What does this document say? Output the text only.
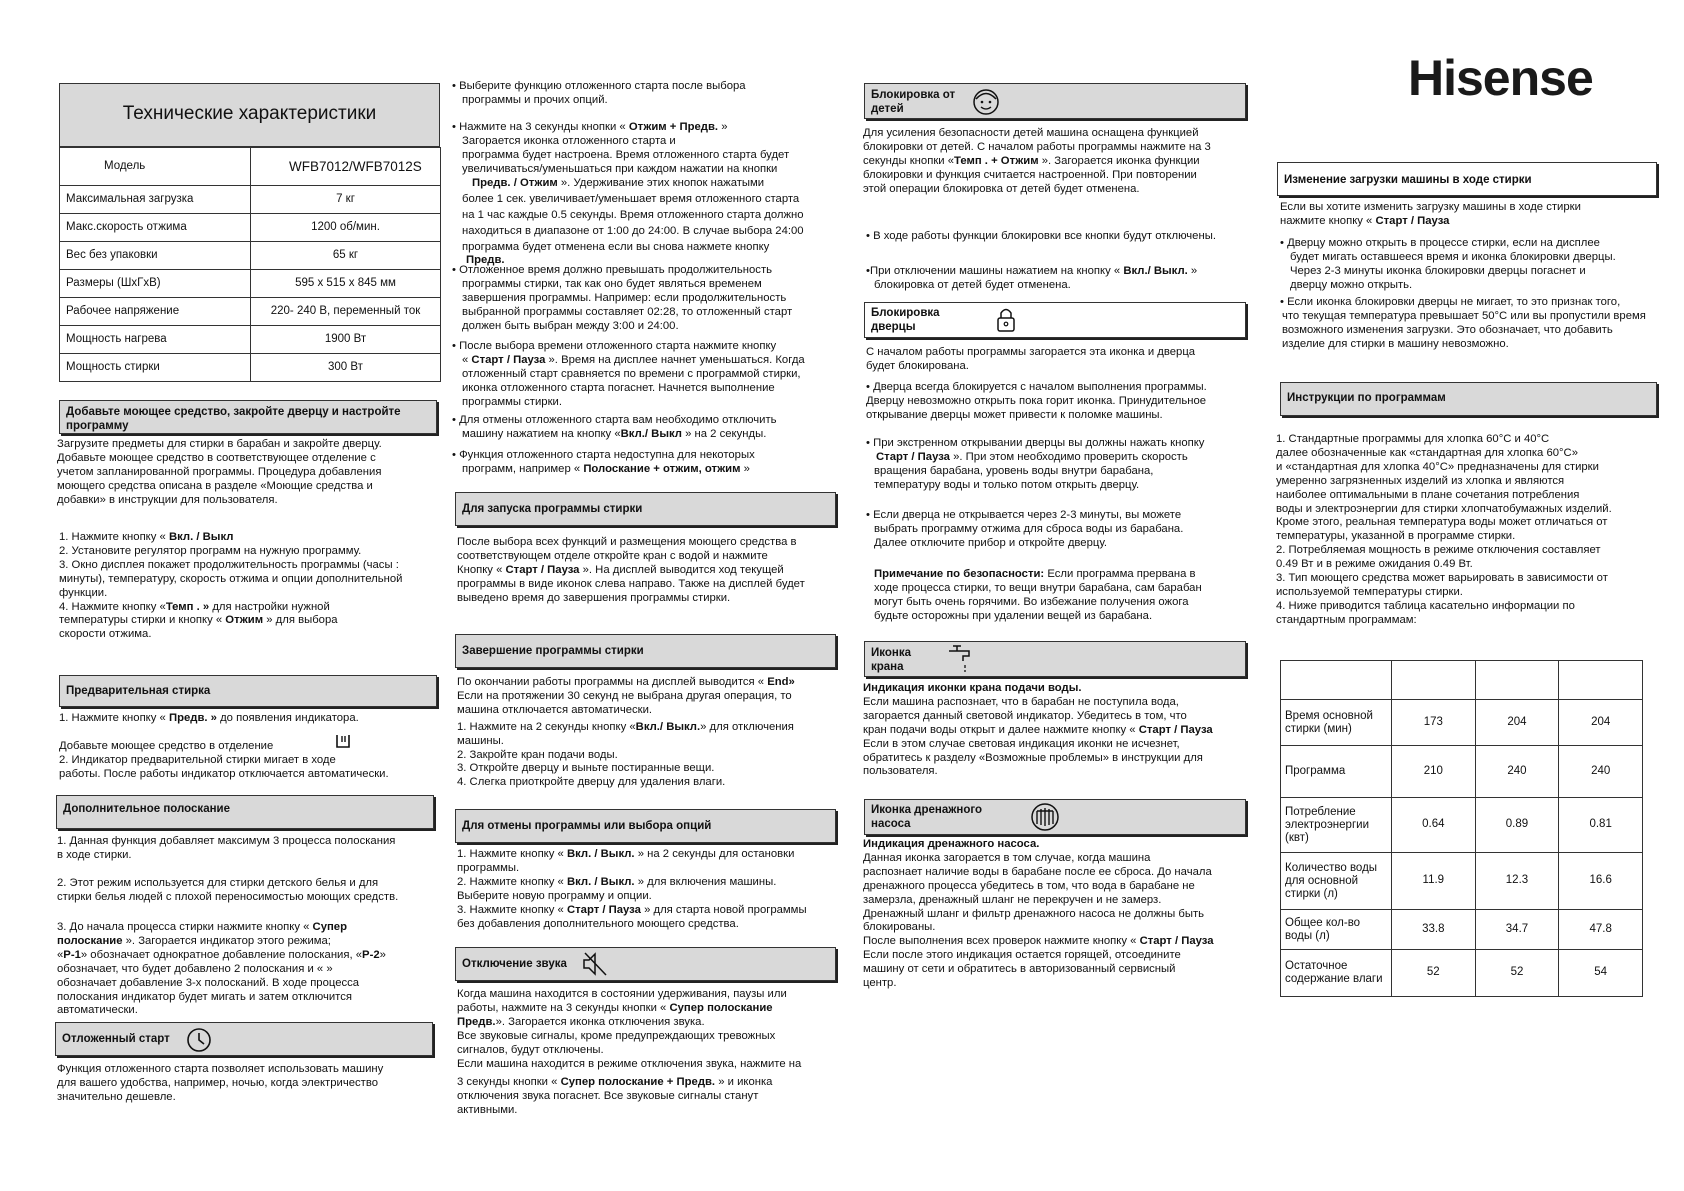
Hisense
Технические характеристики
Модель	WFB7012/WFB7012S
Максимальная загрузка	7 кг
Макс.скорость отжима	1200 об/мин.
Вес без упаковки	65 кг
Размеры (ШхГхВ)	595 x 515 x 845 мм
Рабочее напряжение	220- 240 В, переменный ток
Мощность нагрева	1900 Вт
Мощность стирки	300 Вт
Добавьте моющее средство, закройте дверцу и настройте программу
Загрузите предметы для стирки в барабан и закройте дверцу.
Добавьте моющее средство в соответствующее отделение с
учетом запланированной программы. Процедура добавления
моющего средства описана в разделе «Моющие средства и
добавки» в инструкции для пользователя.
1. Нажмите кнопку « Вкл. / Выкл
2. Установите регулятор программ на нужную программу.
3. Окно дисплея покажет продолжительность программы (часы :
минуты), температуру, скорость отжима и опции дополнительной
функции.
4. Нажмите кнопку «Темп . » для настройки нужной
температуры стирки и кнопку « Отжим » для выбора
скорости отжима.
Предварительная стирка
1. Нажмите кнопку « Предв. » до появления индикатора.
Добавьте моющее средство в отделение
2. Индикатор предварительной стирки мигает в ходе
работы. После работы индикатор отключается автоматически.
Дополнительное полоскание
1. Данная функция добавляет максимум 3 процесса полоскания
в ходе стирки.
2. Этот режим используется для стирки детского белья и для
стирки белья людей с плохой переносимостью моющих средств.
3. До начала процесса стирки нажмите кнопку « Супер
полоскание ». Загорается индикатор этого режима;
«P-1» обозначает однократное добавление полоскания, «P-2»
обозначает, что будет добавлено 2 полоскания и « »
обозначает добавление 3-х полосканий. В ходе процесса
полоскания индикатор будет мигать и затем отключится
автоматически.
Отложенный старт
Функция отложенного старта позволяет использовать машину
для вашего удобства, например, ночью, когда электричество
значительно дешевле.
• Выберите функцию отложенного старта после выбора
программы и прочих опций.
• Нажмите на 3 секунды кнопки « Отжим + Предв. »
Загорается иконка отложенного старта и
программа будет настроена. Время отложенного старта будет
увеличиваться/уменьшаться при каждом нажатии на кнопки
Предв. / Отжим ». Удерживание этих кнопок нажатыми
более 1 сек. увеличивает/уменьшает время отложенного старта
на 1 час каждые 0.5 секунды. Время отложенного старта должно
находиться в диапазоне от 1:00 до 24:00. В случае выбора 24:00
программа будет отменена если вы снова нажмете кнопку
Предв.
• Отложенное время должно превышать продолжительность
программы стирки, так как оно будет являться временем
завершения программы. Например: если продолжительность
выбранной программы составляет 02:28, то отложенный старт
должен быть выбран между 3:00 и 24:00.
• После выбора времени отложенного старта нажмите кнопку
« Старт / Пауза ». Время на дисплее начнет уменьшаться. Когда
отложенный старт сравняется по времени с программой стирки,
иконка отложенного старта погаснет. Начнется выполнение
программы стирки.
• Для отмены отложенного старта вам необходимо отключить
машину нажатием на кнопку «Вкл./ Выкл » на 2 секунды.
• Функция отложенного старта недоступна для некоторых
программ, например « Полоскание + отжим, отжим »
Для запуска программы стирки
После выбора всех функций и размещения моющего средства в
соответствующем отделе откройте кран с водой и нажмите
Кнопку « Старт / Пауза ». На дисплей выводится ход текущей
программы в виде иконок слева направо. Также на дисплей будет
выведено время до завершения программы стирки.
Завершение программы стирки
По окончании работы программы на дисплей выводится « End»
Если на протяжении 30 секунд не выбрана другая операция, то
машина отключается автоматически.
1. Нажмите на 2 секунды кнопку «Вкл./ Выкл.» для отключения
машины.
2. Закройте кран подачи воды.
3. Откройте дверцу и выньте постиранные вещи.
4. Слегка приоткройте дверцу для удаления влаги.
Для отмены программы или выбора опций
1. Нажмите кнопку « Вкл. / Выкл. » на 2 секунды для остановки
программы.
2. Нажмите кнопку « Вкл. / Выкл. » для включения машины.
Выберите новую программу и опции.
3. Нажмите кнопку « Старт / Пауза » для старта новой программы
без добавления дополнительного моющего средства.
Отключение звука
Когда машина находится в состоянии удерживания, паузы или
работы, нажмите на 3 секунды кнопки « Супер полоскание
Предв.». Загорается иконка отключения звука.
Все звуковые сигналы, кроме предупреждающих тревожных
сигналов, будут отключены.
Если машина находится в режиме отключения звука, нажмите на
3 секунды кнопки « Супер полоскание + Предв. » и иконка
отключения звука погаснет. Все звуковые сигналы станут
активными.
Блокировка от детей
Для усиления безопасности детей машина оснащена функцией
блокировки от детей. С началом работы программы нажмите на 3
секунды кнопки «Темп . + Отжим ». Загорается иконка функции
блокировки и функция считается настроенной. При повторении
этой операции блокировка от детей будет отменена.
• В ходе работы функции блокировки все кнопки будут отключены.
•При отключении машины нажатием на кнопку « Вкл./ Выкл. »
блокировка от детей будет отменена.
Блокировка дверцы
С началом работы программы загорается эта иконка и дверца
будет блокирована.
• Дверца всегда блокируется с началом выполнения программы.
Дверцу невозможно открыть пока горит иконка. Принудительное
открывание дверцы может привести к поломке машины.
• При экстренном открывании дверцы вы должны нажать кнопку
Старт / Пауза ». При этом необходимо проверить скорость
вращения барабана, уровень воды внутри барабана,
температуру воды и только потом открыть дверцу.
• Если дверца не открывается через 2-3 минуты, вы можете
выбрать программу отжима для сброса воды из барабана.
Далее отключите прибор и откройте дверцу.
Примечание по безопасности: Если программа прервана в
ходе процесса стирки, то вещи внутри барабана, сам барабан
могут быть очень горячими. Во избежание получения ожога
будьте осторожны при удалении вещей из барабана.
Иконка крана
Индикация иконки крана подачи воды.
Если машина распознает, что в барабан не поступила вода,
загорается данный световой индикатор. Убедитесь в том, что
кран подачи воды открыт и далее нажмите кнопку « Старт / Пауза
Если в этом случае световая индикация иконки не исчезнет,
обратитесь к разделу «Возможные проблемы» в инструкции для
пользователя.
Иконка дренажного насоса
Индикация дренажного насоса.
Данная иконка загорается в том случае, когда машина
распознает наличие воды в барабане после ее сброса. До начала
дренажного процесса убедитесь в том, что вода в барабане не
замерзла, дренажный шланг не перекручен и не замерз.
Дренажный шланг и фильтр дренажного насоса не должны быть
блокированы.
После выполнения всех проверок нажмите кнопку « Старт / Пауза
Если после этого индикация остается горящей, отсоедините
машину от сети и обратитесь в авторизованный сервисный
центр.
Изменение загрузки машины в ходе стирки
Если вы хотите изменить загрузку машины в ходе стирки
нажмите кнопку « Старт / Пауза
• Дверцу можно открыть в процессе стирки, если на дисплее
будет мигать оставшееся время и иконка блокировки дверцы.
Через 2-3 минуты иконка блокировки дверцы погаснет и
дверцу можно открыть.
• Если иконка блокировки дверцы не мигает, то это признак того,
что текущая температура превышает 50°С или вы пропустили время
возможного изменения загрузки. Это обозначает, что добавить
изделие для стирки в машину невозможно.
Инструкции по программам
1. Стандартные программы для хлопка 60°С и 40°С
далее обозначенные как «стандартная для хлопка 60°С»
и «стандартная для хлопка 40°С» предназначены для стирки
умеренно загрязненных изделий из хлопка и являются
наиболее оптимальными в плане сочетания потребления
воды и электроэнергии для стирки хлопчатобумажных изделий.
Кроме этого, реальная температура воды может отличаться от
температуры, указанной в программе стирки.
2. Потребляемая мощность в режиме отключения составляет
0.49 Вт и в режиме ожидания 0.49 Вт.
3. Тип моющего средства может варьировать в зависимости от
используемой температуры стирки.
4. Ниже приводится таблица касательно информации по
стандартным программам:

Время основной
стирки (мин)	173	204	204

Программа	210	240	240

Потребление
электроэнергии
(квт)	0.64	0.89	0.81

Количество воды
для основной
стирки (л)	11.9	12.3	16.6

Общее кол-во
воды (л)	33.8	34.7	47.8

Остаточное
содержание влаги	52	52	54
